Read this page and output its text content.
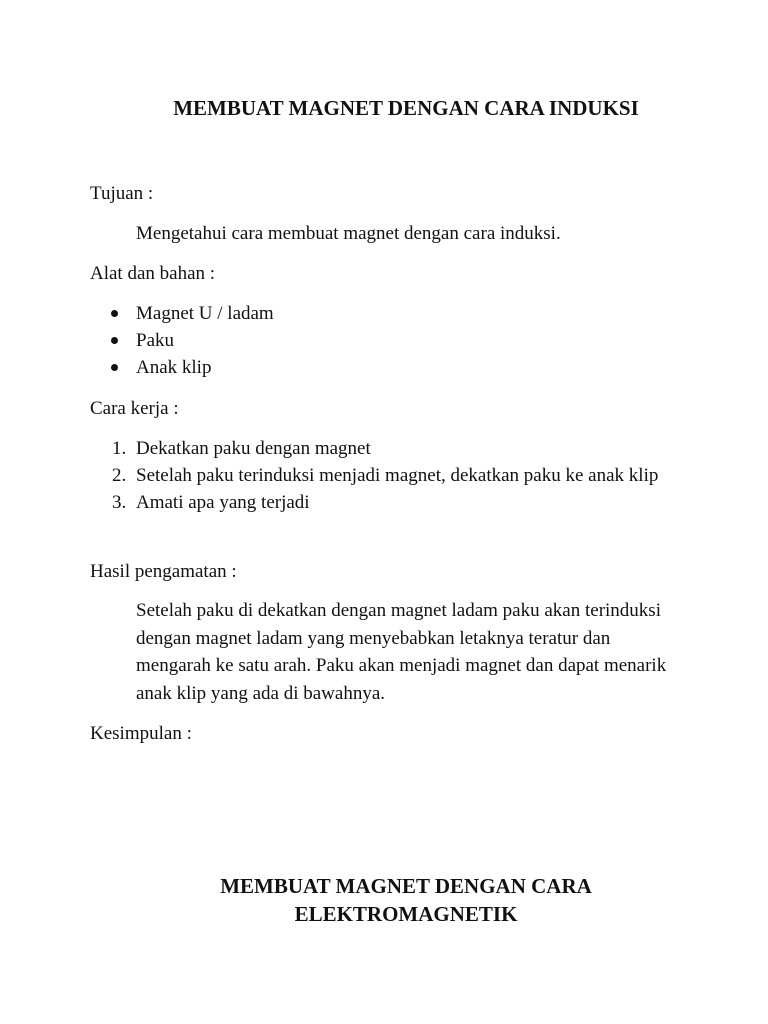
MEMBUAT MAGNET DENGAN CARA INDUKSI

Tujuan :

Mengetahui cara membuat magnet dengan cara induksi.

Alat dan bahan :

Magnet U / ladam
Paku
Anak klip

Cara kerja :

1. Dekatkan paku dengan magnet
2. Setelah paku terinduksi menjadi magnet, dekatkan paku ke anak klip
3. Amati apa yang terjadi

Hasil pengamatan :

Setelah paku di dekatkan dengan magnet ladam paku akan terinduksi dengan magnet ladam yang menyebabkan letaknya teratur dan mengarah ke satu arah. Paku akan menjadi magnet dan dapat menarik anak klip yang ada di bawahnya.

Kesimpulan :

MEMBUAT MAGNET DENGAN CARA
ELEKTROMAGNETIK
